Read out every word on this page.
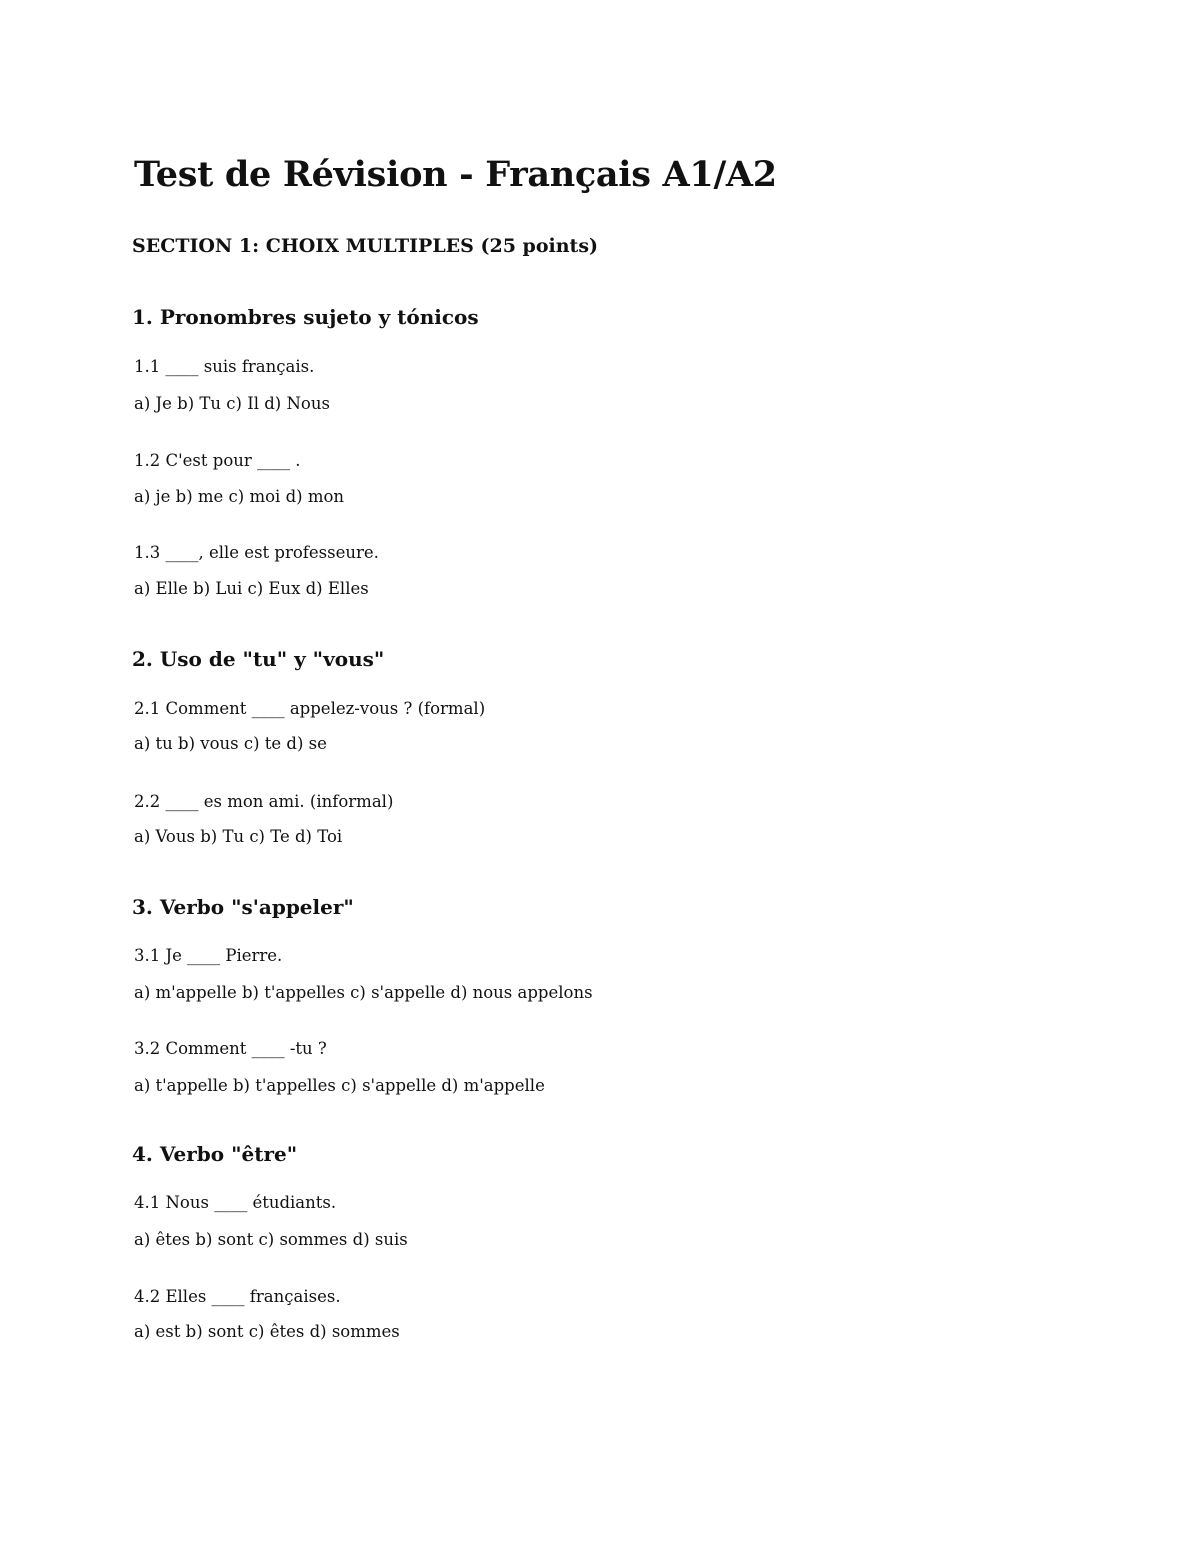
Test de Révision - Français A1/A2
SECTION 1: CHOIX MULTIPLES (25 points)
1. Pronombres sujeto y tónicos

1.1 ____ suis français.

a) Je b) Tu c) Il d) Nous

1.2 C'est pour ____ .

a) je b) me c) moi d) mon

1.3 ____, elle est professeure.

a) Elle b) Lui c) Eux d) Elles

2. Uso de "tu" y "vous"

2.1 Comment ____ appelez-vous ? (formal)

a) tu b) vous c) te d) se

2.2 ____ es mon ami. (informal)

a) Vous b) Tu c) Te d) Toi

3. Verbo "s'appeler"

3.1 Je ____ Pierre.

a) m'appelle b) t'appelles c) s'appelle d) nous appelons

3.2 Comment ____ -tu ?

a) t'appelle b) t'appelles c) s'appelle d) m'appelle

4. Verbo "être"

4.1 Nous ____ étudiants.

a) êtes b) sont c) sommes d) suis

4.2 Elles ____ françaises.

a) est b) sont c) êtes d) sommes
